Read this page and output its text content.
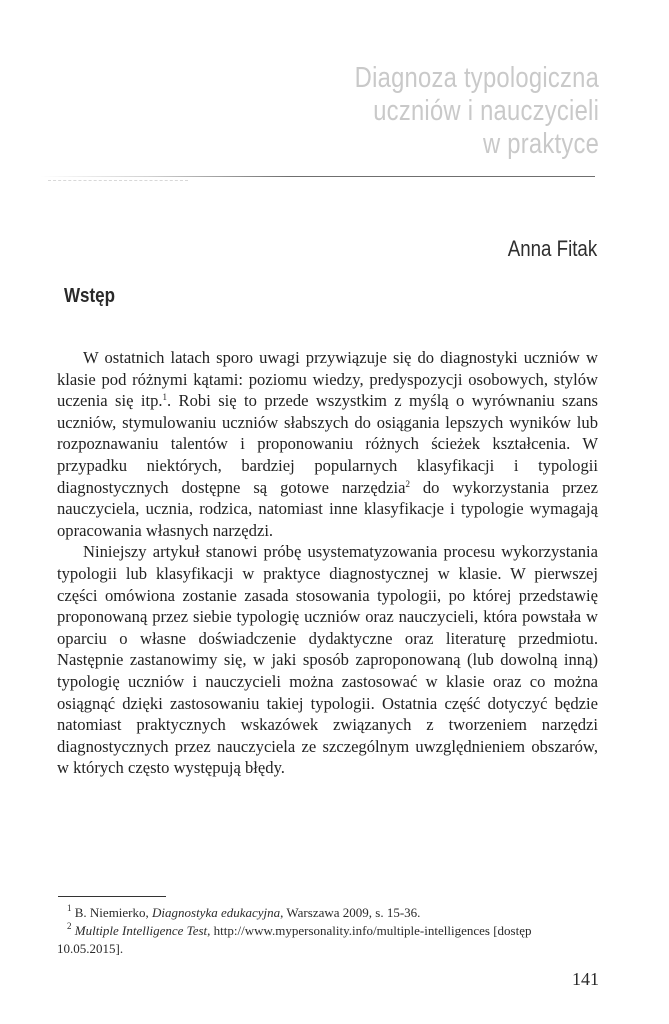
Diagnoza typologiczna
uczniów i nauczycieli
w praktyce
Anna Fitak
Wstęp

W ostatnich latach sporo uwagi przywiązuje się do diagnostyki uczniów w klasie pod różnymi kątami: poziomu wiedzy, predyspozycji osobowych, stylów uczenia się itp.$^1$. Robi się to przede wszystkim z myślą o wyrównaniu szans uczniów, stymulowaniu uczniów słabszych do osiągania lepszych wyników lub rozpoznawaniu talentów i proponowaniu różnych ścieżek kształcenia. W przypadku niektórych, bardziej popularnych klasyfikacji i typologii diagnostycznych dostępne są gotowe narzędzia$^2$ do wykorzystania przez nauczyciela, ucznia, rodzica, natomiast inne klasyfikacje i typologie wymagają opracowania własnych narzędzi.

Niniejszy artykuł stanowi próbę usystematyzowania procesu wykorzystania typologii lub klasyfikacji w praktyce diagnostycznej w klasie. W pierwszej części omówiona zostanie zasada stosowania typologii, po której przedstawię proponowaną przez siebie typologię uczniów oraz nauczycieli, która powstała w oparciu o własne doświadczenie dydaktyczne oraz literaturę przedmiotu. Następnie zastanowimy się, w jaki sposób zaproponowaną (lub dowolną inną) typologię uczniów i nauczycieli można zastosować w klasie oraz co można osiągnąć dzięki zastosowaniu takiej typologii. Ostatnia część dotyczyć będzie natomiast praktycznych wskazówek związanych z tworzeniem narzędzi diagnostycznych przez nauczyciela ze szczególnym uwzględnieniem obszarów, w których często występują błędy.

$^1$ B. Niemierko, Diagnostyka edukacyjna, Warszawa 2009, s. 15-36.
$^2$ Multiple Intelligence Test, http://www.mypersonality.info/multiple-intelligences [dostęp 10.05.2015].
141
